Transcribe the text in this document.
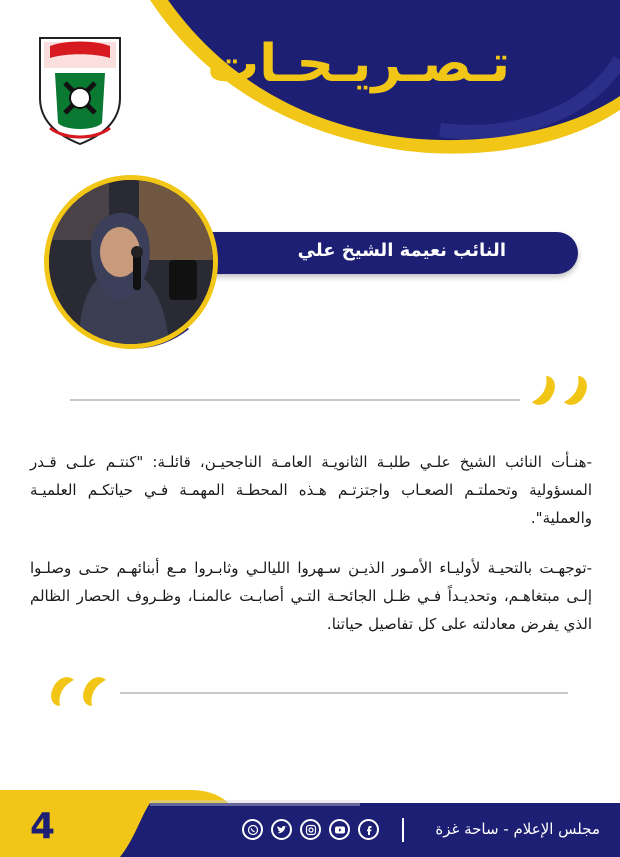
تـصـريـحـات
النائب نعيمة الشيخ علي

-هنـأت النائب الشيخ علـي طلبـة الثانويـة العامـة الناجحيـن، قائلـة: "كنتـم علـى قـدر المسؤولية وتحملتـم الصعـاب واجتزتـم هـذه المحطـة المهمـة فـي حياتكـم العلميـة والعملية".

-توجهـت بالتحيـة لأوليـاء الأمـور الذيـن سـهروا الليالـي وثابـروا مـع أبنائهـم حتـى وصلـوا إلـى مبتغاهـم، وتحديـداً فـي ظـل الجائحـة التـي أصابـت عالمنـا، وظـروف الحصار الظالم الذي يفرض معادلته على كل تفاصيل حياتنا.

4	مجلس الإعلام - ساحة غزة
